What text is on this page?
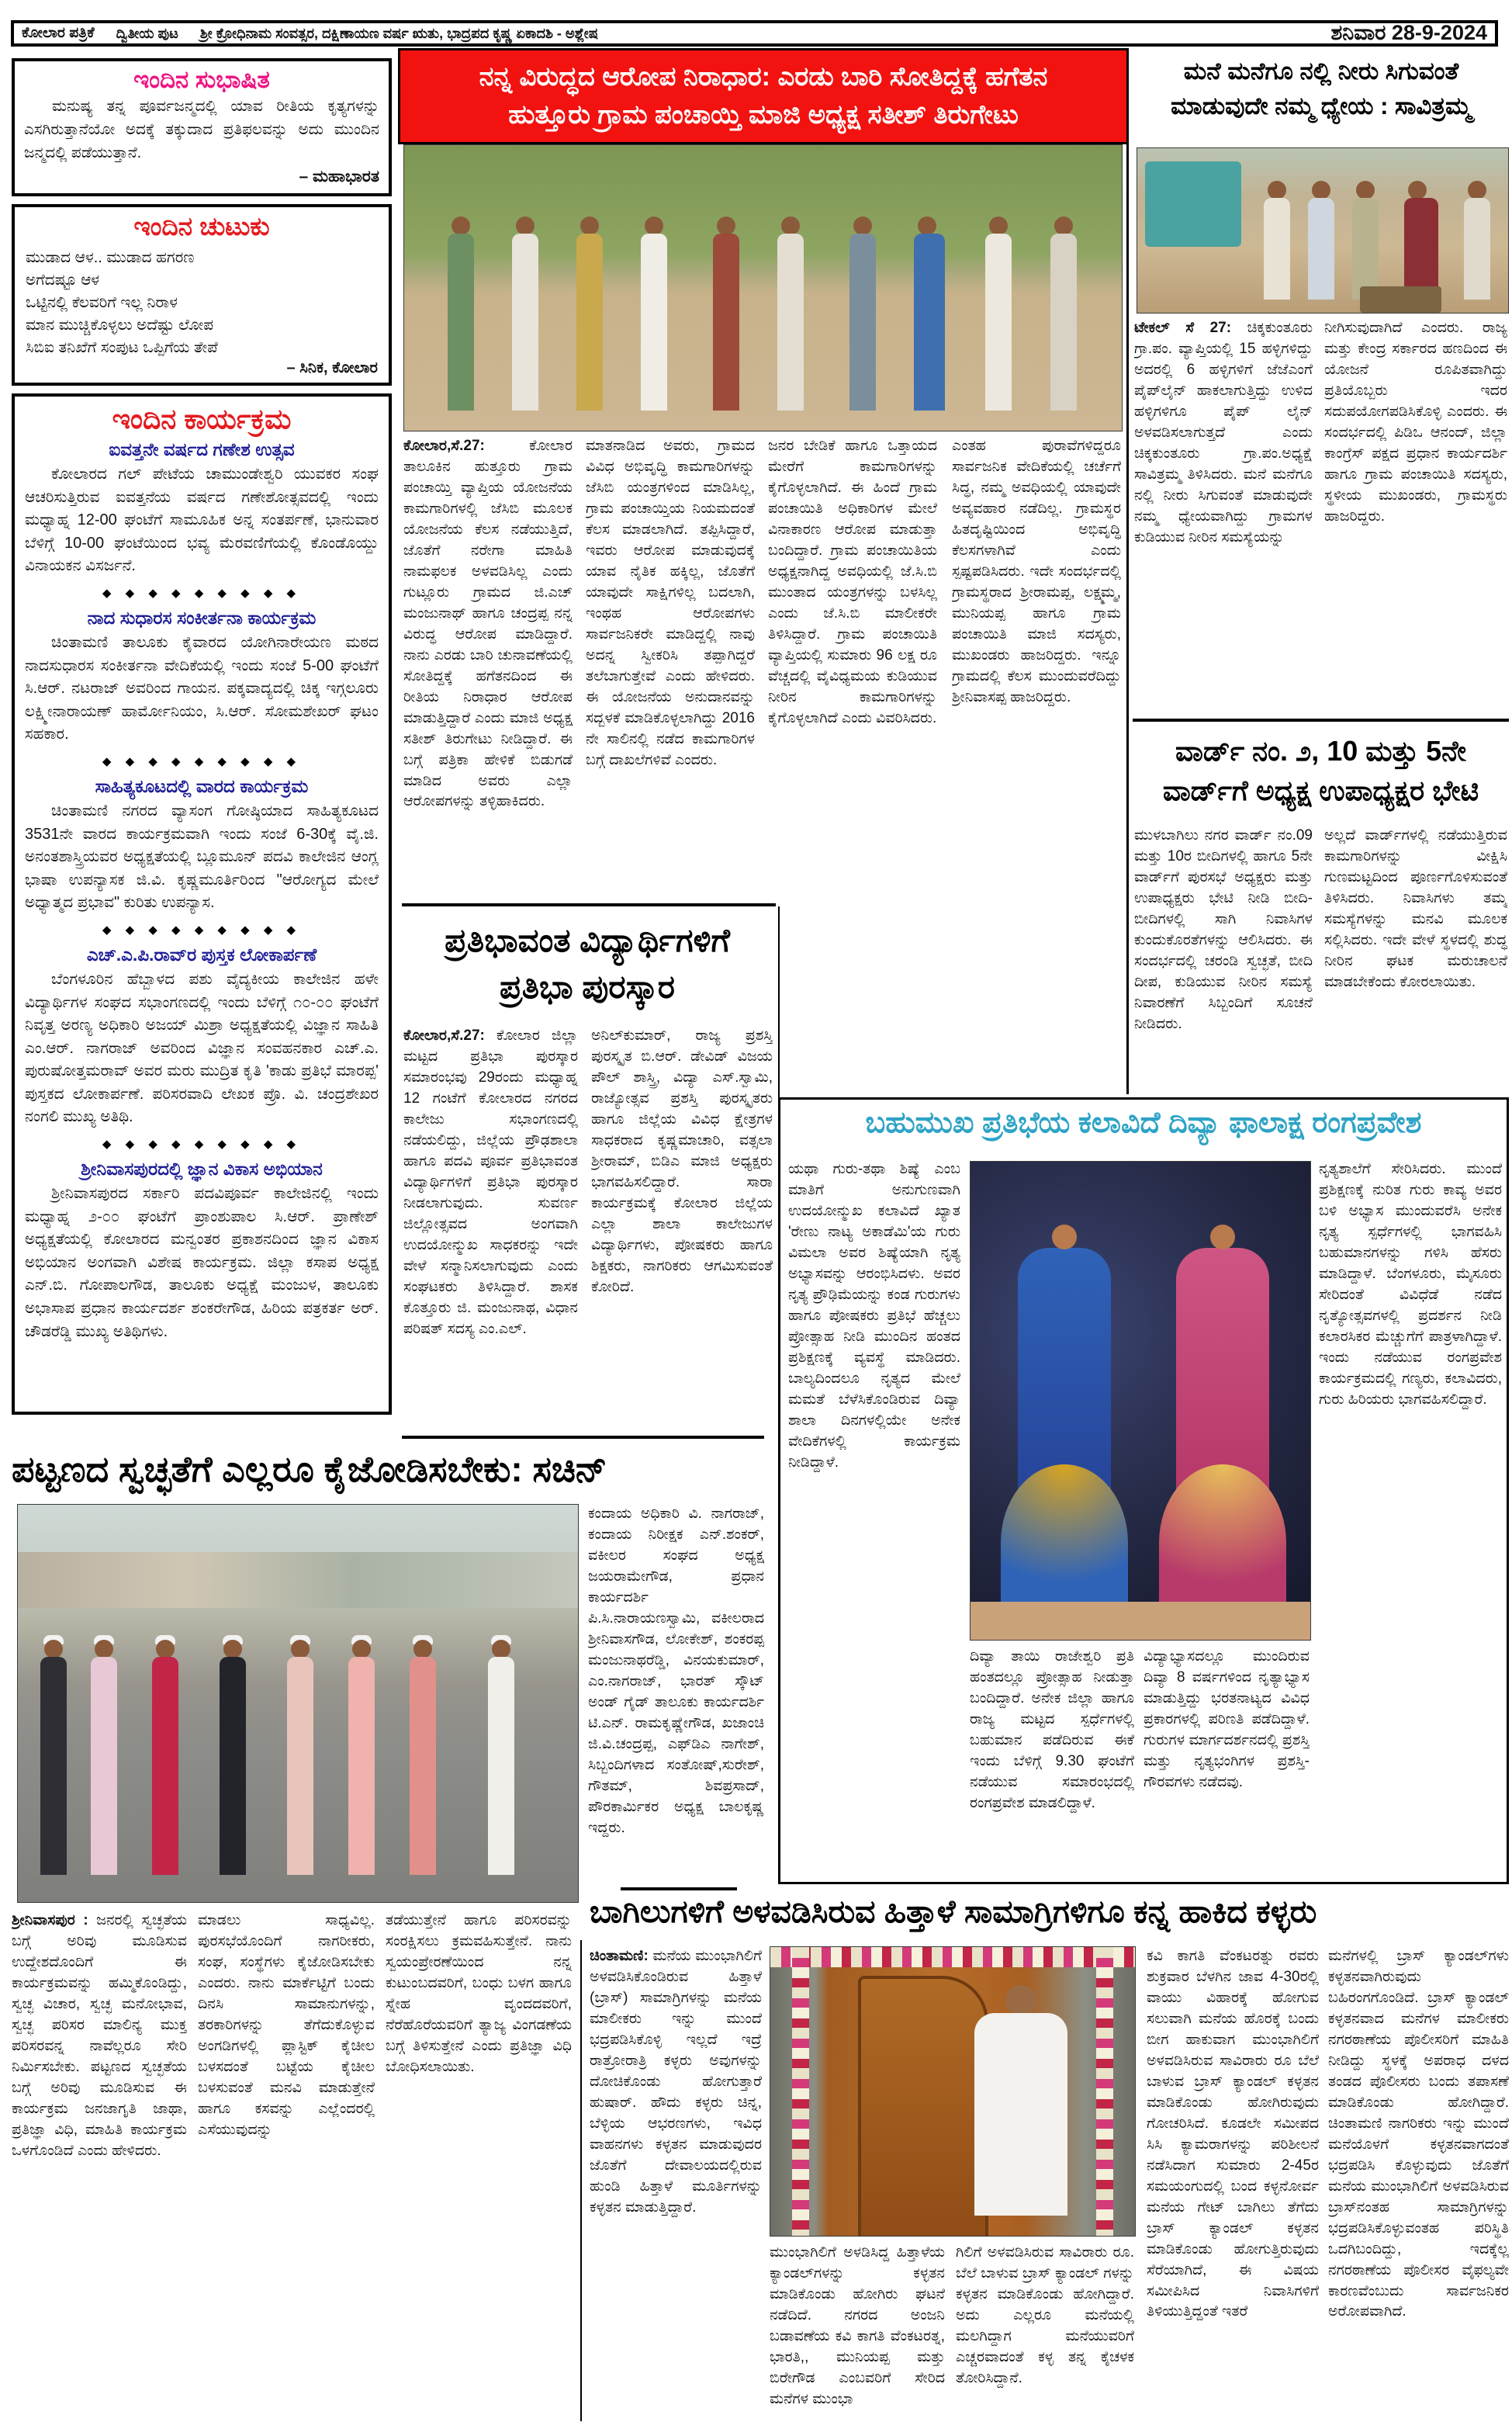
ಕೋಲಾರ ಪತ್ರಿಕೆ ದ್ವಿತೀಯ ಪುಟ ಶ್ರೀ ಕ್ರೋಧಿನಾಮ ಸಂವತ್ಸರ, ದಕ್ಷಿಣಾಯಣ ವರ್ಷ ಋತು, ಭಾದ್ರಪದ ಕೃಷ್ಣ ಏಕಾದಶಿ - ಅಶ್ಲೇಷ	ಶನಿವಾರ 28-9-2024
ಇಂದಿನ ಸುಭಾಷಿತ
ಮನುಷ್ಯ ತನ್ನ ಪೂರ್ವಜನ್ಮದಲ್ಲಿ ಯಾವ ರೀತಿಯ ಕೃತ್ಯಗಳನ್ನು ಎಸಗಿರುತ್ತಾನೆಯೋ ಅದಕ್ಕೆ ತಕ್ಕುದಾದ ಪ್ರತಿಫಲವನ್ನು ಅದು ಮುಂದಿನ ಜನ್ಮದಲ್ಲಿ ಪಡೆಯುತ್ತಾನೆ.
– ಮಹಾಭಾರತ
ಇಂದಿನ ಚುಟುಕು
ಮುಡಾದ ಆಳ.. ಮುಡಾದ ಹಗರಣ
ಅಗೆದಷ್ಟೂ ಆಳ
ಒಟ್ಟಿನಲ್ಲಿ ಕೆಲವರಿಗೆ ಇಲ್ಲ ನಿರಾಳ
ಮಾನ ಮುಚ್ಚಿಕೊಳ್ಳಲು ಅದೆಷ್ಟು ಲೋಪ
ಸಿಬಿಐ ತನಿಖೆಗೆ ಸಂಪುಟ ಒಪ್ಪಿಗೆಯ ತೇಪೆ
– ಸಿನಿಕ, ಕೋಲಾರ
ಇಂದಿನ ಕಾರ್ಯಕ್ರಮ
ಐವತ್ತನೇ ವರ್ಷದ ಗಣೇಶ ಉತ್ಸವ
ಕೋಲಾರದ ಗಲ್ ಪೇಟೆಯ ಚಾಮುಂಡೇಶ್ವರಿ ಯುವಕರ ಸಂಘ ಆಚರಿಸುತ್ತಿರುವ ಐವತ್ತನೆಯ ವರ್ಷದ ಗಣೇಶೋತ್ಸವದಲ್ಲಿ ಇಂದು ಮಧ್ಯಾಹ್ನ 12-00 ಘಂಟೆಗೆ ಸಾಮೂಹಿಕ ಅನ್ನ ಸಂತರ್ಪಣೆ, ಭಾನುವಾರ ಬೆಳಿಗ್ಗೆ 10-00 ಘಂಟೆಯಿಂದ ಭವ್ಯ ಮೆರವಣಿಗೆಯಲ್ಲಿ ಕೊಂಡೊಯ್ದು ವಿನಾಯಕನ ವಿಸರ್ಜನೆ.
◆ ◆ ◆ ◆ ◆ ◆ ◆ ◆ ◆
ನಾದ ಸುಧಾರಸ ಸಂಕೀರ್ತನಾ ಕಾರ್ಯಕ್ರಮ
ಚಿಂತಾಮಣಿ ತಾಲೂಕು ಕೈವಾರದ ಯೋಗಿನಾರೇಯಣ ಮಠದ ನಾದಸುಧಾರಸ ಸಂಕೀರ್ತನಾ ವೇದಿಕೆಯಲ್ಲಿ ಇಂದು ಸಂಜೆ 5-00 ಘಂಟೆಗೆ ಸಿ.ಆರ್. ನಟರಾಜ್ ಅವರಿಂದ ಗಾಯನ. ಪಕ್ಕವಾದ್ಯದಲ್ಲಿ ಚಿಕ್ಕ ಇಗ್ಗಲೂರು ಲಕ್ಷ್ಮೀನಾರಾಯಣ್ ಹಾರ್ಮೋನಿಯಂ, ಸಿ.ಆರ್. ಸೋಮಶೇಖರ್ ಘಟಂ ಸಹಕಾರ.
◆ ◆ ◆ ◆ ◆ ◆ ◆ ◆ ◆
ಸಾಹಿತ್ಯಕೂಟದಲ್ಲಿ ವಾರದ ಕಾರ್ಯಕ್ರಮ
ಚಿಂತಾಮಣಿ ನಗರದ ವ್ಯಾಸಂಗ ಗೋಷ್ಠಿಯಾದ ಸಾಹಿತ್ಯಕೂಟದ 3531ನೇ ವಾರದ ಕಾರ್ಯಕ್ರಮವಾಗಿ ಇಂದು ಸಂಜೆ 6-30ಕ್ಕೆ ವೈ.ಜಿ. ಅನಂತಶಾಸ್ತ್ರಿಯವರ ಅಧ್ಯಕ್ಷತೆಯಲ್ಲಿ ಬ್ಲೂಮೂನ್ ಪದವಿ ಕಾಲೇಜಿನ ಆಂಗ್ಲ ಭಾಷಾ ಉಪನ್ಯಾಸಕ ಜಿ.ವಿ. ಕೃಷ್ಣಮೂರ್ತಿರಿಂದ "ಆರೋಗ್ಯದ ಮೇಲೆ ಅಧ್ಯಾತ್ಮದ ಪ್ರಭಾವ" ಕುರಿತು ಉಪನ್ಯಾಸ.
◆ ◆ ◆ ◆ ◆ ◆ ◆ ◆ ◆
ಎಚ್.ಎ.ಪಿ.ರಾವ್‌ರ ಪುಸ್ತಕ ಲೋಕಾರ್ಪಣೆ
ಬೆಂಗಳೂರಿನ ಹೆಬ್ಬಾಳದ ಪಶು ವೈದ್ಯಕೀಯ ಕಾಲೇಜಿನ ಹಳೇ ವಿದ್ಯಾರ್ಥಿಗಳ ಸಂಘದ ಸಭಾಂಗಣದಲ್ಲಿ ಇಂದು ಬೆಳಿಗ್ಗೆ ೧೦-೦೦ ಘಂಟೆಗೆ ನಿವೃತ್ತ ಅರಣ್ಯ ಅಧಿಕಾರಿ ಅಜಯ್ ಮಿಶ್ರಾ ಅಧ್ಯಕ್ಷತೆಯಲ್ಲಿ ವಿಜ್ಞಾನ ಸಾಹಿತಿ ಎಂ.ಆರ್. ನಾಗರಾಜ್ ಅವರಿಂದ ವಿಜ್ಞಾನ ಸಂವಹನಕಾರ ಎಚ್.ಎ. ಪುರುಷೋತ್ತಮರಾವ್ ಅವರ ಮರು ಮುದ್ರಿತ ಕೃತಿ 'ಕಾಡು ಪ್ರತಿಭೆ ಮಾರಪ್ಪ' ಪುಸ್ತಕದ ಲೋಕಾರ್ಪಣೆ. ಪರಿಸರವಾದಿ ಲೇಖಕ ಪ್ರೊ. ವಿ. ಚಂದ್ರಶೇಖರ ನಂಗಲಿ ಮುಖ್ಯ ಅತಿಥಿ.
◆ ◆ ◆ ◆ ◆ ◆ ◆ ◆ ◆
ಶ್ರೀನಿವಾಸಪುರದಲ್ಲಿ ಜ್ಞಾನ ವಿಕಾಸ ಅಭಿಯಾನ
ಶ್ರೀನಿವಾಸಪುರದ ಸರ್ಕಾರಿ ಪದವಿಪೂರ್ವ ಕಾಲೇಜಿನಲ್ಲಿ ಇಂದು ಮಧ್ಯಾಹ್ನ ೨-೦೦ ಘಂಟೆಗೆ ಪ್ರಾಂಶುಪಾಲ ಸಿ.ಆರ್. ಪ್ರಾಣೇಶ್ ಅಧ್ಯಕ್ಷತೆಯಲ್ಲಿ ಕೋಲಾರದ ಮನ್ವಂತರ ಪ್ರಕಾಶನದಿಂದ ಜ್ಞಾನ ವಿಕಾಸ ಅಭಿಯಾನ ಅಂಗವಾಗಿ ವಿಶೇಷ ಕಾರ್ಯಕ್ರಮ. ಜಿಲ್ಲಾ ಕಸಾಪ ಅಧ್ಯಕ್ಷ ಎನ್.ಬಿ. ಗೋಪಾಲಗೌಡ, ತಾಲೂಕು ಅಧ್ಯಕ್ಷೆ ಮಂಜುಳ, ತಾಲೂಕು ಅಭಾಸಾಪ ಪ್ರಧಾನ ಕಾರ್ಯದರ್ಶ ಶಂಕರೇಗೌಡ, ಹಿರಿಯ ಪತ್ರಕರ್ತ ಅರ್. ಚೌಡರೆಡ್ಡಿ ಮುಖ್ಯ ಅತಿಥಿಗಳು.
ನನ್ನ ವಿರುದ್ಧದ ಆರೋಪ ನಿರಾಧಾರ: ಎರಡು ಬಾರಿ ಸೋತಿದ್ದಕ್ಕೆ ಹಗೆತನ
ಹುತ್ತೂರು ಗ್ರಾಮ ಪಂಚಾಯ್ತಿ ಮಾಜಿ ಅಧ್ಯಕ್ಷ ಸತೀಶ್ ತಿರುಗೇಟು

ಕೋಲಾರ,ಸೆ.27:	ಕೋಲಾರ ತಾಲೂಕಿನ ಹುತ್ತೂರು ಗ್ರಾಮ ಪಂಚಾಯ್ತಿ ವ್ಯಾಪ್ತಿಯ ಯೋಜನೆಯ ಕಾಮಗಾರಿಗಳಲ್ಲಿ ಜೆಸಿಬಿ ಮೂಲಕ ಯೋಜನೆಯ ಕೆಲಸ ನಡೆಯುತ್ತಿದೆ, ಜೊತೆಗೆ ನರೇಗಾ ಮಾಹಿತಿ ನಾಮಫಲಕ ಅಳವಡಿಸಿಲ್ಲ ಎಂದು ಗುಟ್ಲೂರು ಗ್ರಾಮದ ಜಿ.ಎಚ್ ಮಂಜುನಾಥ್ ಹಾಗೂ ಚಂದ್ರಪ್ಪ ನನ್ನ ವಿರುದ್ಧ ಆರೋಪ ಮಾಡಿದ್ದಾರೆ. ನಾನು ಎರಡು ಬಾರಿ ಚುನಾವಣೆಯಲ್ಲಿ ಸೋತಿದ್ದಕ್ಕೆ ಹಗೆತನದಿಂದ ಈ ರೀತಿಯ ನಿರಾಧಾರ ಆರೋಪ ಮಾಡುತ್ತಿದ್ದಾರೆ ಎಂದು ಮಾಜಿ ಅಧ್ಯಕ್ಷ ಸತೀಶ್ ತಿರುಗೇಟು ನೀಡಿದ್ದಾರೆ. ಈ ಬಗ್ಗೆ ಪತ್ರಿಕಾ ಹೇಳಿಕೆ ಬಿಡುಗಡೆ ಮಾಡಿದ ಅವರು ಎಲ್ಲಾ ಆರೋಪಗಳನ್ನು ತಳ್ಳಿಹಾಕಿದರು.

ಮಾತನಾಡಿದ ಅವರು, ಗ್ರಾಮದ ವಿವಿಧ ಅಭಿವೃದ್ಧಿ ಕಾಮಗಾರಿಗಳನ್ನು ಜೆಸಿಬಿ ಯಂತ್ರಗಳಿಂದ ಮಾಡಿಸಿಲ್ಲ, ಗ್ರಾಮ ಪಂಚಾಯ್ತಿಯ ನಿಯಮದಂತೆ ಕೆಲಸ ಮಾಡಲಾಗಿದೆ. ತಪ್ಪಿಸಿದ್ದಾರೆ, ಇವರು ಆರೋಪ ಮಾಡುವುದಕ್ಕೆ ಯಾವ ನೈತಿಕ ಹಕ್ಕಿಲ್ಲ, ಜೊತೆಗೆ ಯಾವುದೇ ಸಾಕ್ಷಿಗಳಿಲ್ಲ ಬದಲಾಗಿ, ಇಂಥಹ ಆರೋಪಗಳು ಸಾರ್ವಜನಿಕರೇ ಮಾಡಿದ್ದಲ್ಲಿ ನಾವು ಅದನ್ನ ಸ್ವೀಕರಿಸಿ ತಪ್ಪಾಗಿದ್ದರೆ ತಲೆಬಾಗುತ್ತೇವೆ ಎಂದು ಹೇಳಿದರು. ಈ ಯೋಜನೆಯ ಅನುದಾನವನ್ನು ಸದ್ಬಳಕೆ ಮಾಡಿಕೊಳ್ಳಲಾಗಿದ್ದು 2016 ನೇ ಸಾಲಿನಲ್ಲಿ ನಡೆದ ಕಾಮಗಾರಿಗಳ ಬಗ್ಗೆ ದಾಖಲೆಗಳಿವೆ ಎಂದರು.

ಜನರ ಬೇಡಿಕೆ ಹಾಗೂ ಒತ್ತಾಯದ ಮೇರೆಗೆ ಕಾಮಗಾರಿಗಳನ್ನು ಕೈಗೊಳ್ಳಲಾಗಿದೆ. ಈ ಹಿಂದೆ ಗ್ರಾಮ ಪಂಚಾಯಿತಿ ಅಧಿಕಾರಿಗಳ ಮೇಲೆ ವಿನಾಕಾರಣ ಆರೋಪ ಮಾಡುತ್ತಾ ಬಂದಿದ್ದಾರೆ. ಗ್ರಾಮ ಪಂಚಾಯಿತಿಯ ಅಧ್ಯಕ್ಷನಾಗಿದ್ದ ಅವಧಿಯಲ್ಲಿ ಜೆ.ಸಿ.ಬಿ ಮುಂತಾದ ಯಂತ್ರಗಳನ್ನು ಬಳಸಿಲ್ಲ ಎಂದು ಜೆ.ಸಿ.ಬಿ ಮಾಲೀಕರೇ ತಿಳಿಸಿದ್ದಾರೆ. ಗ್ರಾಮ ಪಂಚಾಯಿತಿ ವ್ಯಾಪ್ತಿಯಲ್ಲಿ ಸುಮಾರು 96 ಲಕ್ಷ ರೂ ವೆಚ್ಚದಲ್ಲಿ ವೈವಿಧ್ಯಮಯ ಕುಡಿಯುವ ನೀರಿನ ಕಾಮಗಾರಿಗಳನ್ನು ಕೈಗೊಳ್ಳಲಾಗಿದೆ ಎಂದು ವಿವರಿಸಿದರು.

ಎಂತಹ ಪುರಾವೆಗಳಿದ್ದರೂ ಸಾರ್ವಜನಿಕ ವೇದಿಕೆಯಲ್ಲಿ ಚರ್ಚೆಗೆ ಸಿದ್ಧ, ನಮ್ಮ ಅವಧಿಯಲ್ಲಿ ಯಾವುದೇ ಅವ್ಯವಹಾರ ನಡೆದಿಲ್ಲ. ಗ್ರಾಮಸ್ಥರ ಹಿತದೃಷ್ಟಿಯಿಂದ ಅಭಿವೃದ್ಧಿ ಕೆಲಸಗಳಾಗಿವೆ ಎಂದು ಸ್ಪಷ್ಟಪಡಿಸಿದರು. ಇದೇ ಸಂದರ್ಭದಲ್ಲಿ ಗ್ರಾಮಸ್ಥರಾದ ಶ್ರೀರಾಮಪ್ಪ, ಲಕ್ಷ್ಮಮ್ಮ, ಮುನಿಯಪ್ಪ ಹಾಗೂ ಗ್ರಾಮ ಪಂಚಾಯಿತಿ ಮಾಜಿ ಸದಸ್ಯರು, ಮುಖಂಡರು ಹಾಜರಿದ್ದರು. ಇನ್ನೂ ಗ್ರಾಮದಲ್ಲಿ ಕೆಲಸ ಮುಂದುವರೆದಿದ್ದು ಶ್ರೀನಿವಾಸಪ್ಪ ಹಾಜರಿದ್ದರು.

ಪ್ರತಿಭಾವಂತ ವಿದ್ಯಾರ್ಥಿಗಳಿಗೆ
ಪ್ರತಿಭಾ ಪುರಸ್ಕಾರ

ಕೋಲಾರ,ಸೆ.27: ಕೋಲಾರ ಜಿಲ್ಲಾ ಮಟ್ಟದ ಪ್ರತಿಭಾ ಪುರಸ್ಕಾರ ಸಮಾರಂಭವು 29ರಂದು ಮಧ್ಯಾಹ್ನ 12 ಗಂಟೆಗೆ ಕೋಲಾರದ ನಗರದ ಕಾಲೇಜು ಸಭಾಂಗಣದಲ್ಲಿ ನಡೆಯಲಿದ್ದು, ಜಿಲ್ಲೆಯ ಪ್ರೌಢಶಾಲಾ ಹಾಗೂ ಪದವಿ ಪೂರ್ವ ಪ್ರತಿಭಾವಂತ ವಿದ್ಯಾರ್ಥಿಗಳಿಗೆ ಪ್ರತಿಭಾ ಪುರಸ್ಕಾರ ನೀಡಲಾಗುವುದು. ಸುವರ್ಣ ಜಿಲ್ಲೋತ್ಸವದ ಅಂಗವಾಗಿ ಉದಯೋನ್ಮುಖ ಸಾಧಕರನ್ನು ಇದೇ ವೇಳೆ ಸನ್ಮಾನಿಸಲಾಗುವುದು ಎಂದು ಸಂಘಟಕರು ತಿಳಿಸಿದ್ದಾರೆ. ಶಾಸಕ ಕೊತ್ತೂರು ಜಿ. ಮಂಜುನಾಥ, ವಿಧಾನ ಪರಿಷತ್ ಸದಸ್ಯ ಎಂ.ಎಲ್.

ಅನಿಲ್‌ಕುಮಾರ್, ರಾಜ್ಯ ಪ್ರಶಸ್ತಿ ಪುರಸ್ಕೃತ ಬಿ.ಆರ್. ಡೇವಿಡ್ ವಿಜಯ ಪೌಲ್ ಶಾಸ್ತ್ರಿ, ವಿದ್ಯಾ ಎಸ್.ಸ್ವಾಮಿ, ರಾಜ್ಯೋತ್ಸವ ಪ್ರಶಸ್ತಿ ಪುರಸ್ಕೃತರು ಹಾಗೂ ಜಿಲ್ಲೆಯ ವಿವಿಧ ಕ್ಷೇತ್ರಗಳ ಸಾಧಕರಾದ ಕೃಷ್ಣಮಾಚಾರಿ, ವತ್ಸಲಾ ಶ್ರೀರಾಮ್, ಬಿಡಿಎ ಮಾಜಿ ಅಧ್ಯಕ್ಷರು ಭಾಗವಹಿಸಲಿದ್ದಾರೆ. ಸಾರಾ ಕಾರ್ಯಕ್ರಮಕ್ಕೆ ಕೋಲಾರ ಜಿಲ್ಲೆಯ ಎಲ್ಲಾ ಶಾಲಾ ಕಾಲೇಜುಗಳ ವಿದ್ಯಾರ್ಥಿಗಳು, ಪೋಷಕರು ಹಾಗೂ ಶಿಕ್ಷಕರು, ನಾಗರಿಕರು ಆಗಮಿಸುವಂತೆ ಕೋರಿದೆ.

ಮನೆ ಮನೆಗೂ ನಲ್ಲಿ ನೀರು ಸಿಗುವಂತೆ
ಮಾಡುವುದೇ ನಮ್ಮ ಧ್ಯೇಯ : ಸಾವಿತ್ರಮ್ಮ

ಟೇಕಲ್ ಸೆ 27: ಚಿಕ್ಕಕುಂತೂರು ಗ್ರಾ.ಪಂ. ವ್ಯಾಪ್ತಿಯಲ್ಲಿ 15 ಹಳ್ಳಿಗಳಿದ್ದು ಅದರಲ್ಲಿ 6 ಹಳ್ಳಿಗಳಿಗೆ ಜೆಜೆಎಂಗೆ ಪೈಪ್‌ಲೈನ್ ಹಾಕಲಾಗುತ್ತಿದ್ದು ಉಳಿದ ಹಳ್ಳಿಗಳಿಗೂ ಪೈಪ್ ಲೈನ್ ಅಳವಡಿಸಲಾಗುತ್ತದೆ ಎಂದು ಚಿಕ್ಕಕುಂತೂರು ಗ್ರಾ.ಪಂ.ಅಧ್ಯಕ್ಷೆ ಸಾವಿತ್ರಮ್ಮ ತಿಳಿಸಿದರು. ಮನೆ ಮನೆಗೂ ನಲ್ಲಿ ನೀರು ಸಿಗುವಂತೆ ಮಾಡುವುದೇ ನಮ್ಮ ಧ್ಯೇಯವಾಗಿದ್ದು ಗ್ರಾಮಗಳ ಕುಡಿಯುವ ನೀರಿನ ಸಮಸ್ಯೆಯನ್ನು

ನೀಗಿಸುವುದಾಗಿದೆ ಎಂದರು. ರಾಜ್ಯ ಮತ್ತು ಕೇಂದ್ರ ಸರ್ಕಾರದ ಹಣದಿಂದ ಈ ಯೋಜನೆ ರೂಪಿತವಾಗಿದ್ದು ಪ್ರತಿಯೊಬ್ಬರು ಇದರ ಸದುಪಯೋಗಪಡಿಸಿಕೊಳ್ಳಿ ಎಂದರು. ಈ ಸಂದರ್ಭದಲ್ಲಿ ಪಿಡಿಒ ಆನಂದ್, ಜಿಲ್ಲಾ ಕಾಂಗ್ರೆಸ್ ಪಕ್ಷದ ಪ್ರಧಾನ ಕಾರ್ಯದರ್ಶಿ ಹಾಗೂ ಗ್ರಾಮ ಪಂಚಾಯಿತಿ ಸದಸ್ಯರು, ಸ್ಥಳೀಯ ಮುಖಂಡರು, ಗ್ರಾಮಸ್ಥರು ಹಾಜರಿದ್ದರು.

ವಾರ್ಡ್ ನಂ. ೨, 10 ಮತ್ತು 5ನೇ
ವಾರ್ಡ್‌ಗೆ ಅಧ್ಯಕ್ಷ ಉಪಾಧ್ಯಕ್ಷರ ಭೇಟಿ

ಮುಳಬಾಗಿಲು ನಗರ ವಾರ್ಡ್ ನಂ.09 ಮತ್ತು 10ರ ಬೀದಿಗಳಲ್ಲಿ ಹಾಗೂ 5ನೇ ವಾರ್ಡ್‌ಗೆ ಪುರಸಭೆ ಅಧ್ಯಕ್ಷರು ಮತ್ತು ಉಪಾಧ್ಯಕ್ಷರು ಭೇಟಿ ನೀಡಿ ಬೀದಿ-ಬೀದಿಗಳಲ್ಲಿ ಸಾಗಿ ನಿವಾಸಿಗಳ ಕುಂದುಕೊರತೆಗಳನ್ನು ಆಲಿಸಿದರು. ಈ ಸಂದರ್ಭದಲ್ಲಿ ಚರಂಡಿ ಸ್ವಚ್ಛತೆ, ಬೀದಿ ದೀಪ, ಕುಡಿಯುವ ನೀರಿನ ಸಮಸ್ಯೆ ನಿವಾರಣೆಗೆ ಸಿಬ್ಬಂದಿಗೆ ಸೂಚನೆ ನೀಡಿದರು.

ಅಲ್ಲದೆ ವಾರ್ಡ್‌ಗಳಲ್ಲಿ ನಡೆಯುತ್ತಿರುವ ಕಾಮಗಾರಿಗಳನ್ನು ವೀಕ್ಷಿಸಿ ಗುಣಮಟ್ಟದಿಂದ ಪೂರ್ಣಗೊಳಿಸುವಂತೆ ತಿಳಿಸಿದರು. ನಿವಾಸಿಗಳು ತಮ್ಮ ಸಮಸ್ಯೆಗಳನ್ನು ಮನವಿ ಮೂಲಕ ಸಲ್ಲಿಸಿದರು. ಇದೇ ವೇಳೆ ಸ್ಥಳದಲ್ಲಿ ಶುದ್ಧ ನೀರಿನ ಘಟಕ ಮರುಚಾಲನೆ ಮಾಡಬೇಕೆಂದು ಕೋರಲಾಯಿತು.

ಬಹುಮುಖ ಪ್ರತಿಭೆಯ ಕಲಾವಿದೆ ದಿವ್ಯಾ ಫಾಲಾಕ್ಷ ರಂಗಪ್ರವೇಶ

ಯಥಾ ಗುರು-ತಥಾ ಶಿಷ್ಯೆ ಎಂಬ ಮಾತಿಗೆ ಅನುಗುಣವಾಗಿ ಉದಯೋನ್ಮುಖ ಕಲಾವಿದೆ ಖ್ಯಾತ 'ರೇಣು ನಾಟ್ಯ ಅಕಾಡೆಮಿ'ಯ ಗುರು ವಿಮಲಾ ಅವರ ಶಿಷ್ಯೆಯಾಗಿ ನೃತ್ಯ ಅಭ್ಯಾಸವನ್ನು ಆರಂಭಿಸಿದಳು. ಅವರ ನೃತ್ಯ ಪ್ರೌಢಿಮೆಯನ್ನು ಕಂಡ ಗುರುಗಳು ಹಾಗೂ ಪೋಷಕರು ಪ್ರತಿಭೆ ಹೆಚ್ಚಲು ಪ್ರೋತ್ಸಾಹ ನೀಡಿ ಮುಂದಿನ ಹಂತದ ಪ್ರಶಿಕ್ಷಣಕ್ಕೆ ವ್ಯವಸ್ಥೆ ಮಾಡಿದರು. ಬಾಲ್ಯದಿಂದಲೂ ನೃತ್ಯದ ಮೇಲೆ ಮಮತೆ ಬೆಳೆಸಿಕೊಂಡಿರುವ ದಿವ್ಯಾ ಶಾಲಾ ದಿನಗಳಲ್ಲಿಯೇ ಅನೇಕ ವೇದಿಕೆಗಳಲ್ಲಿ ಕಾರ್ಯಕ್ರಮ ನೀಡಿದ್ದಾಳೆ.

ದಿವ್ಯಾ ತಾಯಿ ರಾಜೇಶ್ವರಿ ಪ್ರತಿ ಹಂತದಲ್ಲೂ ಪ್ರೋತ್ಸಾಹ ನೀಡುತ್ತಾ ಬಂದಿದ್ದಾರೆ. ಅನೇಕ ಜಿಲ್ಲಾ ಹಾಗೂ ರಾಜ್ಯ ಮಟ್ಟದ ಸ್ಪರ್ಧೆಗಳಲ್ಲಿ ಬಹುಮಾನ ಪಡೆದಿರುವ ಈಕೆ ಇಂದು ಬೆಳಿಗ್ಗೆ 9.30 ಘಂಟೆಗೆ ನಡೆಯುವ ಸಮಾರಂಭದಲ್ಲಿ ರಂಗಪ್ರವೇಶ ಮಾಡಲಿದ್ದಾಳೆ.

ವಿದ್ಯಾಭ್ಯಾಸದಲ್ಲೂ ಮುಂದಿರುವ ದಿವ್ಯಾ 8 ವರ್ಷಗಳಿಂದ ನೃತ್ಯಾಭ್ಯಾಸ ಮಾಡುತ್ತಿದ್ದು ಭರತನಾಟ್ಯದ ವಿವಿಧ ಪ್ರಕಾರಗಳಲ್ಲಿ ಪರಿಣತಿ ಪಡೆದಿದ್ದಾಳೆ. ಗುರುಗಳ ಮಾರ್ಗದರ್ಶನದಲ್ಲಿ ಪ್ರಶಸ್ತಿ ಮತ್ತು ನೃತ್ಯಭಂಗಿಗಳ ಪ್ರಶಸ್ತಿ-ಗೌರವಗಳು ನಡೆದವು.

ನೃತ್ಯಶಾಲೆಗೆ ಸೇರಿಸಿದರು. ಮುಂದೆ ಪ್ರಶಿಕ್ಷಣಕ್ಕೆ ನುರಿತ ಗುರು ಕಾವ್ಯ ಅವರ ಬಳಿ ಅಭ್ಯಾಸ ಮುಂದುವರೆಸಿ ಅನೇಕ ನೃತ್ಯ ಸ್ಪರ್ಧೆಗಳಲ್ಲಿ ಭಾಗವಹಿಸಿ ಬಹುಮಾನಗಳನ್ನು ಗಳಿಸಿ ಹೆಸರು ಮಾಡಿದ್ದಾಳೆ. ಬೆಂಗಳೂರು, ಮೈಸೂರು ಸೇರಿದಂತೆ ವಿವಿಧೆಡೆ ನಡೆದ ನೃತ್ಯೋತ್ಸವಗಳಲ್ಲಿ ಪ್ರದರ್ಶನ ನೀಡಿ ಕಲಾರಸಿಕರ ಮೆಚ್ಚುಗೆಗೆ ಪಾತ್ರಳಾಗಿದ್ದಾಳೆ. ಇಂದು ನಡೆಯುವ ರಂಗಪ್ರವೇಶ ಕಾರ್ಯಕ್ರಮದಲ್ಲಿ ಗಣ್ಯರು, ಕಲಾವಿದರು, ಗುರು ಹಿರಿಯರು ಭಾಗವಹಿಸಲಿದ್ದಾರೆ.

ಪಟ್ಟಣದ ಸ್ವಚ್ಛತೆಗೆ ಎಲ್ಲರೂ ಕೈಜೋಡಿಸಬೇಕು: ಸಚಿನ್

ಕಂದಾಯ ಅಧಿಕಾರಿ ವಿ. ನಾಗರಾಜ್, ಕಂದಾಯ ನಿರೀಕ್ಷಕ ಎನ್.ಶಂಕರ್, ವಕೀಲರ ಸಂಘದ ಅಧ್ಯಕ್ಷ ಜಯರಾಮೇಗೌಡ, ಪ್ರಧಾನ ಕಾರ್ಯದರ್ಶಿ ಪಿ.ಸಿ.ನಾರಾಯಣಸ್ವಾಮಿ, ವಕೀಲರಾದ ಶ್ರೀನಿವಾಸಗೌಡ, ಲೋಕೇಶ್, ಶಂಕರಪ್ಪ ಮಂಜುನಾಥರೆಡ್ಡಿ, ವಿನಯಕುಮಾರ್, ಎಂ.ನಾಗರಾಜ್, ಭಾರತ್ ಸ್ಕೌಟ್ ಅಂಡ್ ಗೈಡ್ ತಾಲೂಕು ಕಾರ್ಯದರ್ಶಿ ಟಿ.ಎನ್. ರಾಮಕೃಷ್ಣೇಗೌಡ, ಖಜಾಂಚಿ ಜಿ.ವಿ.ಚಂದ್ರಪ್ಪ, ಎಫ್‌ಡಿಎ ನಾಗೇಶ್, ಸಿಬ್ಬಂದಿಗಳಾದ ಸಂತೋಷ್,ಸುರೇಶ್, ಗೌತಮ್, ಶಿವಪ್ರಸಾದ್, ಪೌರಕಾರ್ಮಿಕರ ಅಧ್ಯಕ್ಷ ಬಾಲಕೃಷ್ಣ ಇದ್ದರು.

ಶ್ರೀನಿವಾಸಪುರ : ಜನರಲ್ಲಿ ಸ್ವಚ್ಛತೆಯ ಬಗ್ಗೆ ಅರಿವು ಮೂಡಿಸುವ ಉದ್ದೇಶದೊಂದಿಗೆ ಈ ಕಾರ್ಯಕ್ರಮವನ್ನು ಹಮ್ಮಿಕೊಂಡಿದ್ದು, ಸ್ವಚ್ಛ ವಿಚಾರ, ಸ್ವಚ್ಛ ಮನೋಭಾವ, ಸ್ವಚ್ಛ ಪರಿಸರ ಮಾಲಿನ್ಯ ಮುಕ್ತ ಪರಿಸರವನ್ನ ನಾವೆಲ್ಲರೂ ಸೇರಿ ನಿರ್ಮಿಸಬೇಕು. ಪಟ್ಟಣದ ಸ್ವಚ್ಛತೆಯ ಬಗ್ಗೆ ಅರಿವು ಮೂಡಿಸುವ ಈ ಕಾರ್ಯಕ್ರಮ ಜನಜಾಗೃತಿ ಜಾಥಾ, ಪ್ರತಿಜ್ಞಾ ವಿಧಿ, ಮಾಹಿತಿ ಕಾರ್ಯಕ್ರಮ ಒಳಗೊಂಡಿದೆ ಎಂದು ಹೇಳಿದರು.

ಮಾಡಲು ಸಾಧ್ಯವಿಲ್ಲ. ಪುರಸಭೆಯೊಂದಿಗೆ ನಾಗರೀಕರು, ಸಂಘ, ಸಂಸ್ಥೆಗಳು ಕೈಜೋಡಿಸಬೇಕು ಎಂದರು. ನಾನು ಮಾರ್ಕೆಟ್ಟಿಗೆ ಬಂದು ದಿನಸಿ ಸಾಮಾನುಗಳನ್ನು, ತರಕಾರಿಗಳನ್ನು ತೆಗೆದುಕೊಳ್ಳುವ ಅಂಗಡಿಗಳಲ್ಲಿ ಪ್ಲಾಸ್ಟಿಕ್ ಕೈಚೀಲ ಬಳಸದಂತೆ ಬಟ್ಟೆಯ ಕೈಚೀಲ ಬಳಸುವಂತೆ ಮನವಿ ಮಾಡುತ್ತೇನೆ ಹಾಗೂ ಕಸವನ್ನು ಎಲ್ಲೆಂದರಲ್ಲಿ ಎಸೆಯುವುದನ್ನು

ತಡೆಯುತ್ತೇನೆ ಹಾಗೂ ಪರಿಸರವನ್ನು ಸಂರಕ್ಷಿಸಲು ಕ್ರಮವಹಿಸುತ್ತೇನೆ. ನಾನು ಸ್ವಯಂಪ್ರೇರಣೆಯಿಂದ ನನ್ನ ಕುಟುಂಬದವರಿಗೆ, ಬಂಧು ಬಳಗ ಹಾಗೂ ಸ್ನೇಹ ವೃಂದದವರಿಗೆ, ನೆರೆಹೊರೆಯವರಿಗೆ ತ್ಯಾಜ್ಯ ವಿಂಗಡಣೆಯ ಬಗ್ಗೆ ತಿಳಿಸುತ್ತೇನೆ ಎಂದು ಪ್ರತಿಜ್ಞಾ ವಿಧಿ ಬೋಧಿಸಲಾಯಿತು.

ಬಾಗಿಲುಗಳಿಗೆ ಅಳವಡಿಸಿರುವ ಹಿತ್ತಾಳೆ ಸಾಮಾಗ್ರಿಗಳಿಗೂ ಕನ್ನ ಹಾಕಿದ ಕಳ್ಳರು

ಚಿಂತಾಮಣಿ: ಮನೆಯ ಮುಂಭಾಗಿಲಿಗೆ ಅಳವಡಿಸಿಕೊಂಡಿರುವ ಹಿತ್ತಾಳೆ (ಬ್ರಾಸ್) ಸಾಮಾಗ್ರಿಗಳನ್ನು ಮನೆಯ ಮಾಲೀಕರು ಇನ್ನು ಮುಂದೆ ಭದ್ರಪಡಿಸಿಕೊಳ್ಳಿ ಇಲ್ಲದೆ ಇದ್ರೆ ರಾತ್ರೋರಾತ್ರಿ ಕಳ್ಳರು ಅವುಗಳನ್ನು ದೋಚಿಕೊಂಡು ಹೋಗುತ್ತಾರೆ ಹುಷಾರ್. ಹೌದು ಕಳ್ಳರು ಚಿನ್ನ, ಬೆಳ್ಳಿಯ ಆಭರಣಗಳು, ಇವಿಧ ವಾಹನಗಳು ಕಳ್ಳತನ ಮಾಡುವುದರ ಜೊತೆಗೆ ದೇವಾಲಯದಲ್ಲಿರುವ ಹುಂಡಿ ಹಿತ್ತಾಳೆ ಮೂರ್ತಿಗಳನ್ನು ಕಳ್ಳತನ ಮಾಡುತ್ತಿದ್ದಾರೆ.

ಮುಂಭಾಗಿಲಿಗೆ ಅಳಡಿಸಿದ್ದ ಹಿತ್ತಾಳೆಯ ಕ್ಯಾಂಡಲ್‌ಗಳನ್ನು ಕಳ್ಳತನ ಮಾಡಿಕೊಂಡು ಹೋಗಿರು ಘಟನೆ ನಡೆದಿದೆ. ನಗರದ ಅಂಜನಿ ಬಡಾವಣೆಯ ಕವಿ ಕಾಗತಿ ವೆಂಕಟರತ್ನ, ಭಾರತಿ,, ಮುನಿಯಪ್ಪ ಮತ್ತು ಬಿರೇಗೌಡ ಎಂಬವರಿಗೆ ಸೇರಿದ ಮನೆಗಳ ಮುಂಭಾ

ಗಿಲಿಗೆ ಅಳವಡಿಸಿರುವ ಸಾವಿರಾರು ರೂ. ಬೆಲೆ ಬಾಳುವ ಬ್ರಾಸ್ ಕ್ಯಾಂಡಲ್ ಗಳನ್ನು ಕಳ್ಳತನ ಮಾಡಿಕೊಂಡು ಹೋಗಿದ್ದಾರೆ. ಅದು ಎಲ್ಲರೂ ಮನೆಯಲ್ಲಿ ಮಲಗಿದ್ದಾಗ ಮನೆಯುವರಿಗೆ ಎಚ್ಚರವಾದಂತೆ ಕಳ್ಳ ತನ್ನ ಕೈಚಳಕ ತೋರಿಸಿದ್ದಾನೆ.

ಕವಿ ಕಾಗತಿ ವೆಂಕಟರತ್ನು ರವರು ಶುಕ್ರವಾರ ಬೆಳಗಿನ ಜಾವ 4-30ರಲ್ಲಿ ವಾಯು ವಿಹಾರಕ್ಕೆ ಹೋಗುವ ಸಲುವಾಗಿ ಮನೆಯ ಹೊರಕ್ಕೆ ಬಂದು ಬೀಗ ಹಾಕುವಾಗ ಮುಂಭಾಗಿಲಿಗೆ ಅಳವಡಿಸಿರುವ ಸಾವಿರಾರು ರೂ ಬೆಲೆ ಬಾಳುವ ಬ್ರಾಸ್ ಕ್ಯಾಂಡಲ್ ಕಳ್ಳತನ ಮಾಡಿಕೊಂಡು ಹೋಗಿರುವುದು ಗೋಚರಿಸಿದೆ. ಕೂಡಲೇ ಸಮೀಪದ ಸಿಸಿ ಕ್ಯಾಮರಾಗಳನ್ನು ಪರಿಶೀಲನೆ ನಡೆಸಿದಾಗ ಸುಮಾರು 2-45ರ ಸಮಯಂಗುದಲ್ಲಿ ಬಂದ ಕಳ್ಳನೋರ್ವ ಮನೆಯ ಗೇಟ್ ಬಾಗಿಲು ತೆಗೆದು ಬ್ರಾಸ್ ಕ್ಯಾಂಡಲ್ ಕಳ್ಳತನ ಮಾಡಿಕೊಂಡು ಹೋಗುತ್ತಿರುವುದು ಸೆರೆಯಾಗಿದೆ, ಈ ವಿಷಯ ಸಮೀಪಿಸಿದ ನಿವಾಸಿಗಳಿಗೆ ತಿಳಿಯುತ್ತಿದ್ದಂತೆ ಇತರೆ

ಮನೆಗಳಲ್ಲಿ ಬ್ರಾಸ್ ಕ್ಯಾಂಡಲ್‌ಗಳು ಕಳ್ಳತನವಾಗಿರುವುದು ಬಹಿರಂಗಗೊಂಡಿದೆ. ಬ್ರಾಸ್ ಕ್ಯಾಂಡಲ್ ಕಳ್ಳತನವಾದ ಮನೆಗಳ ಮಾಲೀಕರು ನಗರಠಾಣೆಯ ಪೊಲೀಸರಿಗೆ ಮಾಹಿತಿ ನೀಡಿದ್ದು ಸ್ಥಳಕ್ಕೆ ಅಪರಾಧ ದಳದ ತಂಡದ ಪೊಲೀಸರು ಬಂದು ತಪಾಸಣೆ ಮಾಡಿಕೊಂಡು ಹೋಗಿದ್ದಾರೆ. ಚಿಂತಾಮಣಿ ನಾಗರಿಕರು ಇನ್ನು ಮುಂದೆ ಮನೆಯೊಳಗೆ ಕಳ್ಳತನವಾಗದಂತೆ ಭದ್ರಪಡಿಸಿ ಕೊಳ್ಳುವುದು ಜೊತೆಗೆ ಮನೆಯ ಮುಂಭಾಗಿಲಿಗೆ ಅಳವಡಿಸಿರುವ ಬ್ರಾಸ್‌ನಂತಹ ಸಾಮಾಗ್ರಿಗಳನ್ನು ಭದ್ರಪಡಿಸಿಕೊಳ್ಳುವಂತಹ ಪರಿಸ್ಥಿತಿ ಒದಗಿಬಂದಿದ್ದು, ಇದಕ್ಕೆಲ್ಲ ನಗರಠಾಣೆಯ ಪೊಲೀಸರ ವೈಫಲ್ಯವೇ ಕಾರಣವೆಂಬುದು ಸಾರ್ವಜನಿಕರ ಅರೋಪವಾಗಿದೆ.
